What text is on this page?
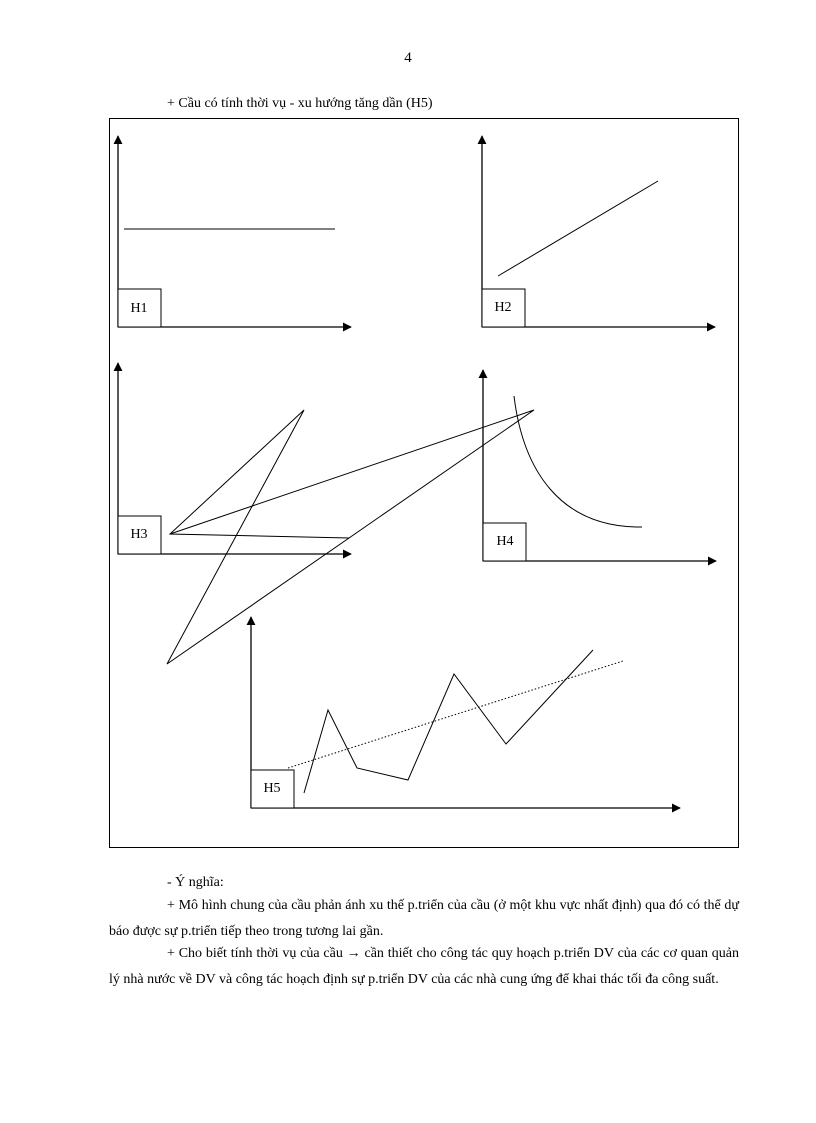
4
+ Cầu có tính thời vụ - xu hướng tăng dần (H5)
H1	H2
H3	H4
H5
- Ý nghĩa:
+ Mô hình chung của cầu phản ánh xu thế p.triển của cầu (ở một khu vực nhất định) qua đó có thể dự báo được sự p.triển tiếp theo trong tương lai gần.
+ Cho biết tính thời vụ của cầu → cần thiết cho công tác quy hoạch p.triển DV của các cơ quan quản lý nhà nước về DV và công tác hoạch định sự p.triển DV của các nhà cung ứng để khai thác tối đa công suất.
